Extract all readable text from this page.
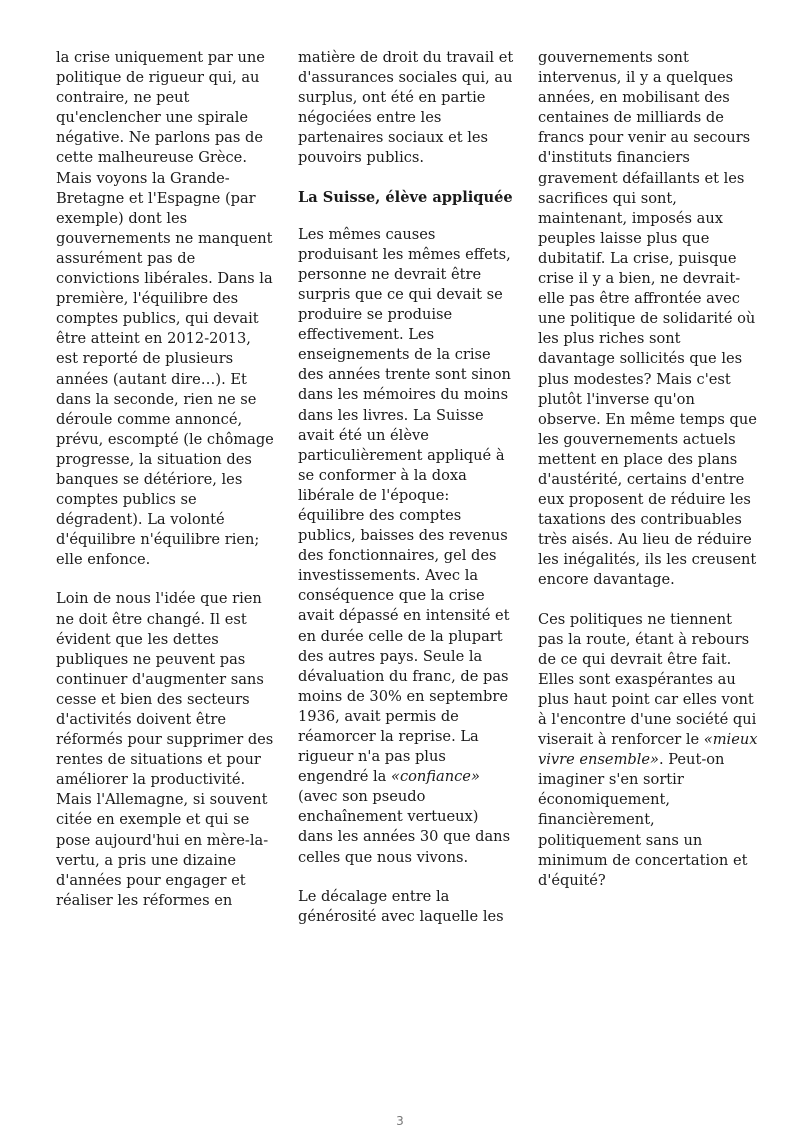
la crise uniquement par une politique de rigueur qui, au contraire, ne peut qu'enclencher une spirale négative. Ne parlons pas de cette malheureuse Grèce. Mais voyons la Grande-Bretagne et l'Espagne (par exemple) dont les gouvernements ne manquent assurément pas de convictions libérales. Dans la première, l'équilibre des comptes publics, qui devait être atteint en 2012-2013, est reporté de plusieurs années (autant dire…). Et dans la seconde, rien ne se déroule comme annoncé, prévu, escompté (le chômage progresse, la situation des banques se détériore, les comptes publics se dégradent). La volonté d'équilibre n'équilibre rien; elle enfonce.

Loin de nous l'idée que rien ne doit être changé. Il est évident que les dettes publiques ne peuvent pas continuer d'augmenter sans cesse et bien des secteurs d'activités doivent être réformés pour supprimer des rentes de situations et pour améliorer la productivité. Mais l'Allemagne, si souvent citée en exemple et qui se pose aujourd'hui en mère-la-vertu, a pris une dizaine d'années pour engager et réaliser les réformes en

matière de droit du travail et d'assurances sociales qui, au surplus, ont été en partie négociées entre les partenaires sociaux et les pouvoirs publics.

La Suisse, élève appliquée

Les mêmes causes produisant les mêmes effets, personne ne devrait être surpris que ce qui devait se produire se produise effectivement. Les enseignements de la crise des années trente sont sinon dans les mémoires du moins dans les livres. La Suisse avait été un élève particulièrement appliqué à se conformer à la doxa libérale de l'époque: équilibre des comptes publics, baisses des revenus des fonctionnaires, gel des investissements. Avec la conséquence que la crise avait dépassé en intensité et en durée celle de la plupart des autres pays. Seule la dévaluation du franc, de pas moins de 30% en septembre 1936, avait permis de réamorcer la reprise. La rigueur n'a pas plus engendré la «confiance» (avec son pseudo enchaînement vertueux) dans les années 30 que dans celles que nous vivons.

Le décalage entre la générosité avec laquelle les

gouvernements sont intervenus, il y a quelques années, en mobilisant des centaines de milliards de francs pour venir au secours d'instituts financiers gravement défaillants et les sacrifices qui sont, maintenant, imposés aux peuples laisse plus que dubitatif. La crise, puisque crise il y a bien, ne devrait-elle pas être affrontée avec une politique de solidarité où les plus riches sont davantage sollicités que les plus modestes? Mais c'est plutôt l'inverse qu'on observe. En même temps que les gouvernements actuels mettent en place des plans d'austérité, certains d'entre eux proposent de réduire les taxations des contribuables très aisés. Au lieu de réduire les inégalités, ils les creusent encore davantage.

Ces politiques ne tiennent pas la route, étant à rebours de ce qui devrait être fait. Elles sont exaspérantes au plus haut point car elles vont à l'encontre d'une société qui viserait à renforcer le «mieux vivre ensemble». Peut-on imaginer s'en sortir économiquement, financièrement, politiquement sans un minimum de concertation et d'équité?

3
